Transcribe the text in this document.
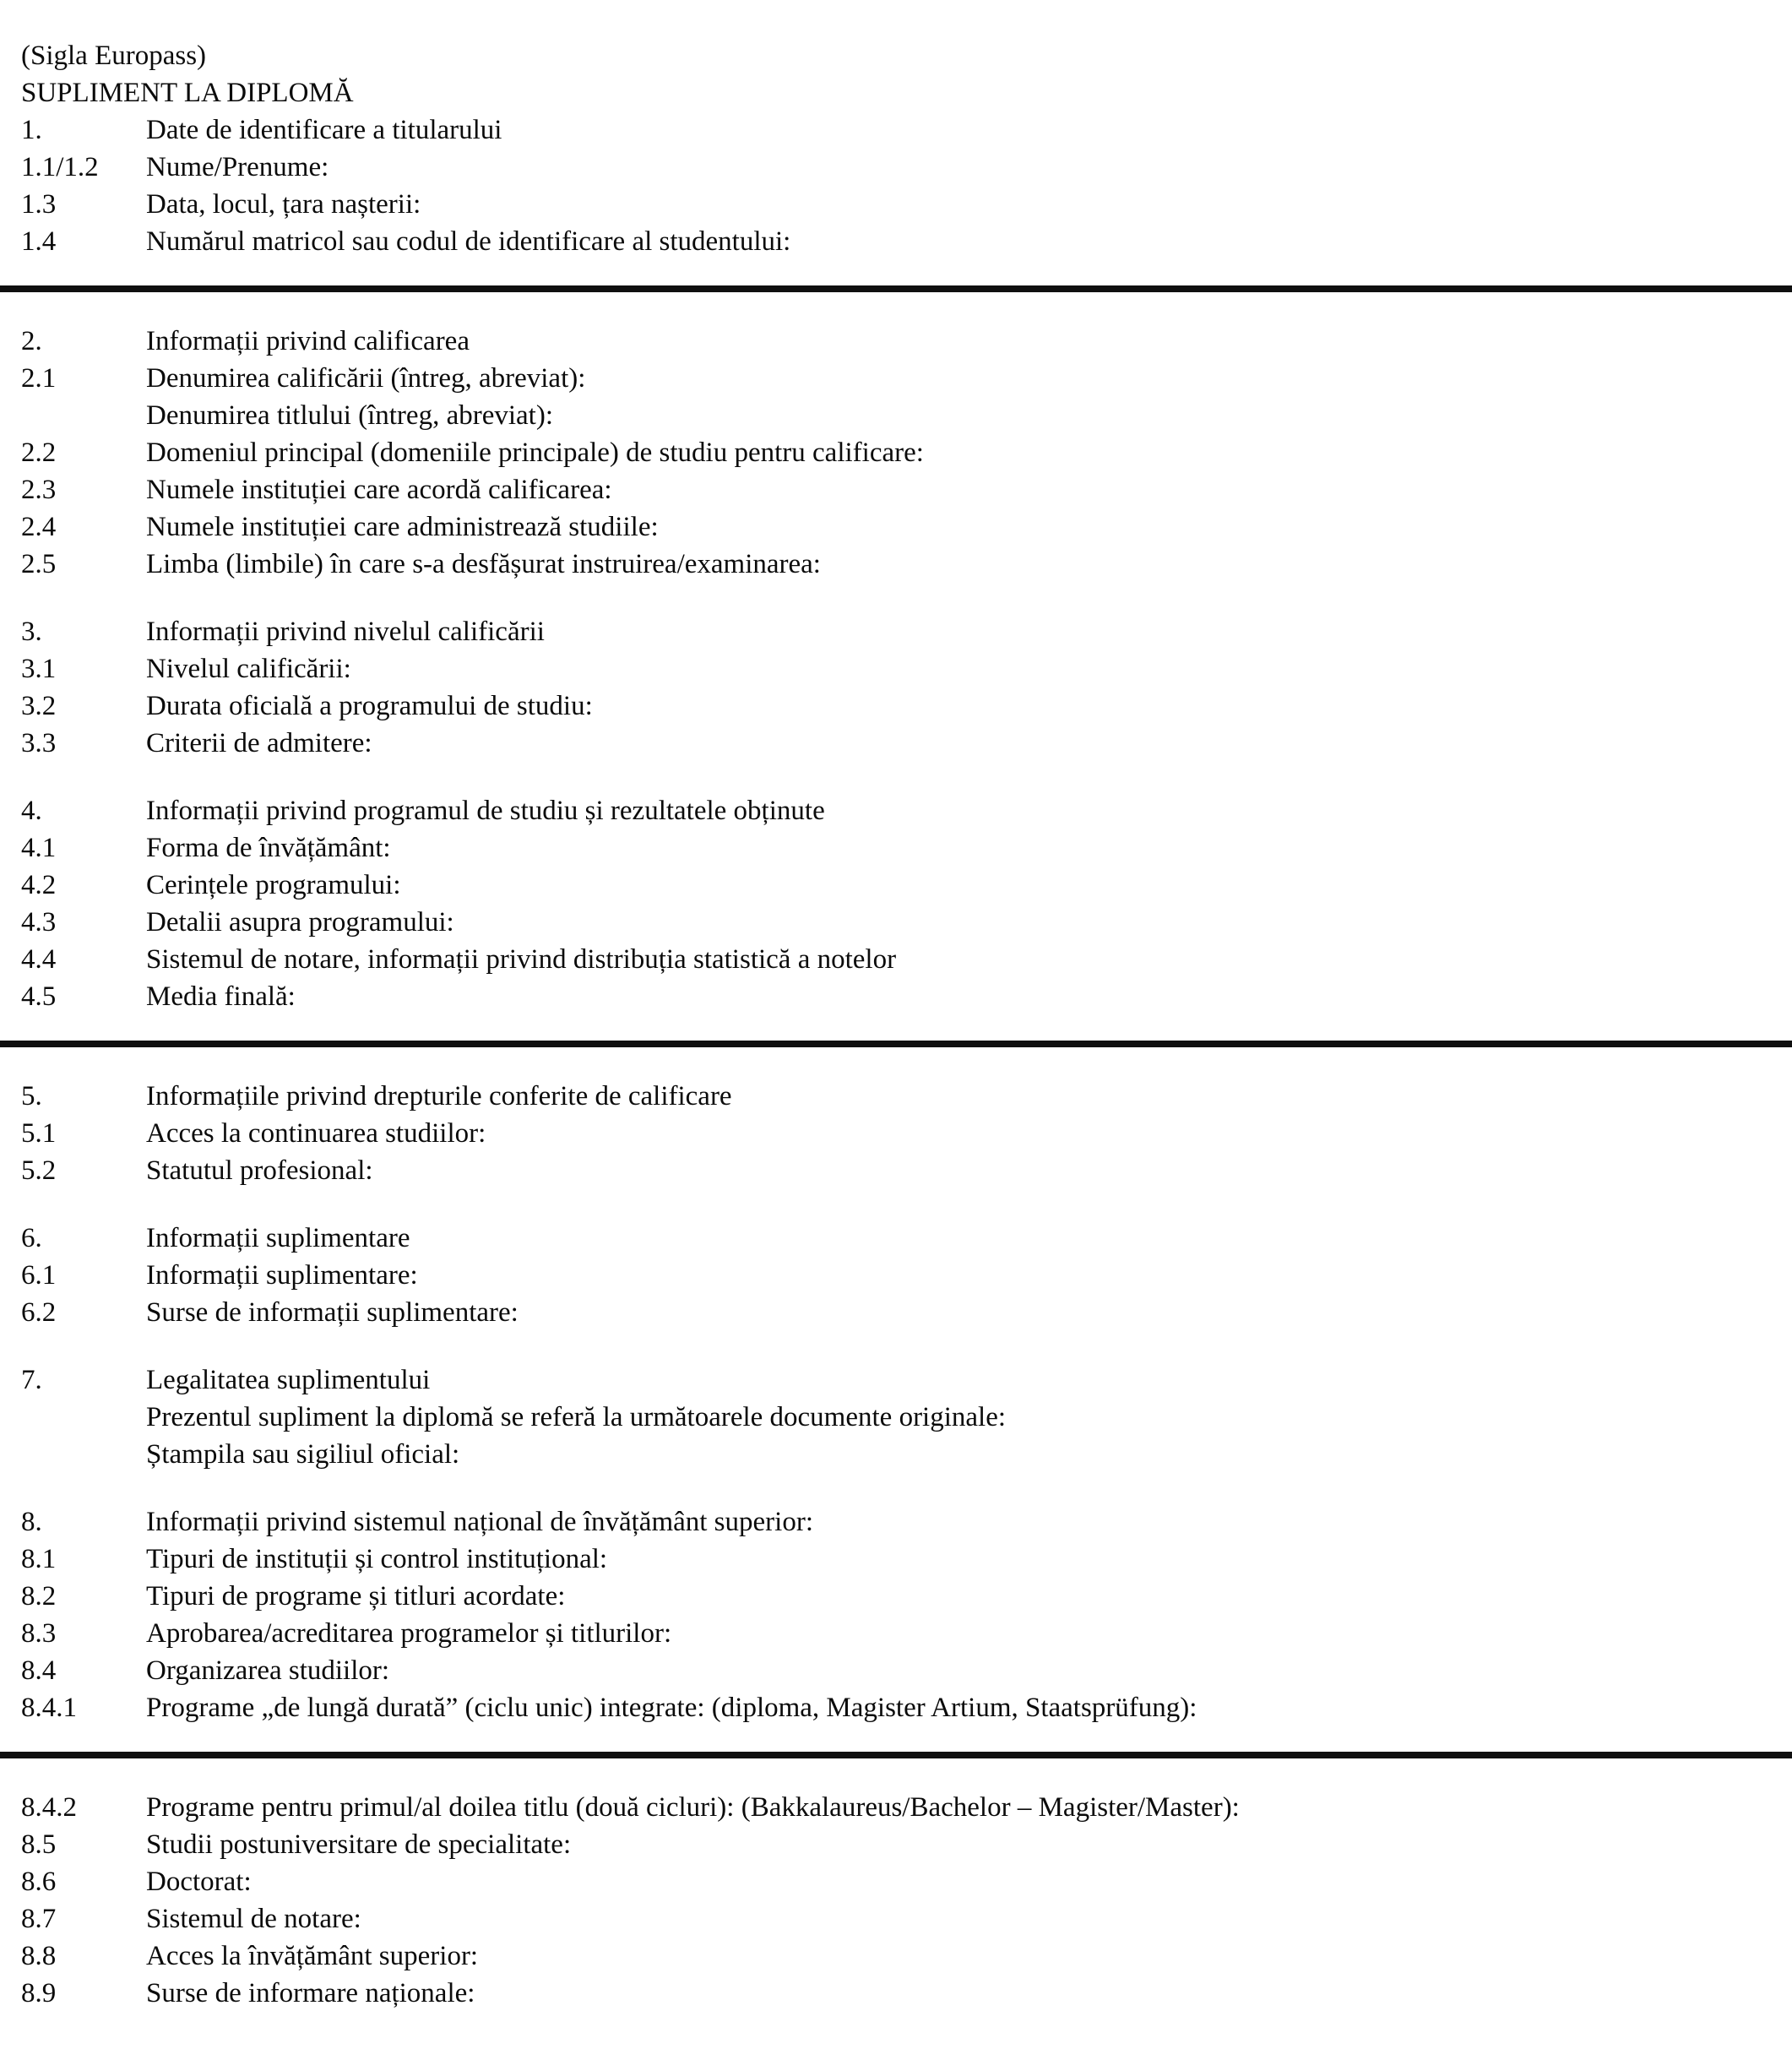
(Sigla Europass)
SUPLIMENT LA DIPLOMĂ
1.	Date de identificare a titularului
1.1/1.2	Nume/Prenume:
1.3	Data, locul, țara nașterii:
1.4	Numărul matricol sau codul de identificare al studentului:
2.	Informații privind calificarea
2.1	Denumirea calificării (întreg, abreviat):
Denumirea titlului (întreg, abreviat):
2.2	Domeniul principal (domeniile principale) de studiu pentru calificare:
2.3	Numele instituției care acordă calificarea:
2.4	Numele instituției care administrează studiile:
2.5	Limba (limbile) în care s-a desfășurat instruirea/examinarea:
3.	Informații privind nivelul calificării
3.1	Nivelul calificării:
3.2	Durata oficială a programului de studiu:
3.3	Criterii de admitere:
4.	Informații privind programul de studiu și rezultatele obținute
4.1	Forma de învățământ:
4.2	Cerințele programului:
4.3	Detalii asupra programului:
4.4	Sistemul de notare, informații privind distribuția statistică a notelor
4.5	Media finală:
5.	Informațiile privind drepturile conferite de calificare
5.1	Acces la continuarea studiilor:
5.2	Statutul profesional:
6.	Informații suplimentare
6.1	Informații suplimentare:
6.2	Surse de informații suplimentare:
7.	Legalitatea suplimentului
Prezentul supliment la diplomă se referă la următoarele documente originale:
Ștampila sau sigiliul oficial:
8.	Informații privind sistemul național de învățământ superior:
8.1	Tipuri de instituții și control instituțional:
8.2	Tipuri de programe și titluri acordate:
8.3	Aprobarea/acreditarea programelor și titlurilor:
8.4	Organizarea studiilor:
8.4.1	Programe „de lungă durată” (ciclu unic) integrate: (diploma, Magister Artium, Staatsprüfung):
8.4.2	Programe pentru primul/al doilea titlu (două cicluri): (Bakkalaureus/Bachelor – Magister/Master):
8.5	Studii postuniversitare de specialitate:
8.6	Doctorat:
8.7	Sistemul de notare:
8.8	Acces la învățământ superior:
8.9	Surse de informare naționale:
